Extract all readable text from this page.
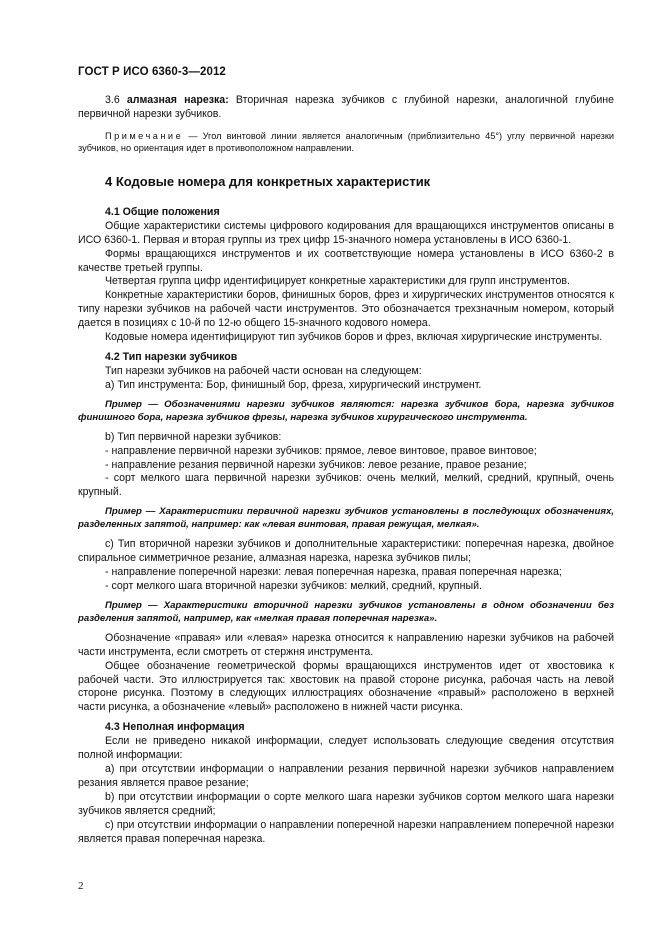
ГОСТ Р ИСО 6360-3—2012

3.6 алмазная нарезка: Вторичная нарезка зубчиков с глубиной нарезки, аналогичной глубине первичной нарезки зубчиков.

Примечание — Угол винтовой линии является аналогичным (приблизительно 45°) углу первичной нарезки зубчиков, но ориентация идет в противоположном направлении.

4 Кодовые номера для конкретных характеристик
4.1 Общие положения

Общие характеристики системы цифрового кодирования для вращающихся инструментов описаны в ИСО 6360-1. Первая и вторая группы из трех цифр 15-значного номера установлены в ИСО 6360-1.

Формы вращающихся инструментов и их соответствующие номера установлены в ИСО 6360-2 в качестве третьей группы.

Четвертая группа цифр идентифицирует конкретные характеристики для групп инструментов.

Конкретные характеристики боров, финишных боров, фрез и хирургических инструментов относятся к типу нарезки зубчиков на рабочей части инструментов. Это обозначается трехзначным номером, который дается в позициях с 10-й по 12-ю общего 15-значного кодового номера.

Кодовые номера идентифицируют тип зубчиков боров и фрез, включая хирургические инструменты.

4.2 Тип нарезки зубчиков

Тип нарезки зубчиков на рабочей части основан на следующем:

а) Тип инструмента: Бор, финишный бор, фреза, хирургический инструмент.

Пример — Обозначениями нарезки зубчиков являются: нарезка зубчиков бора, нарезка зубчиков финишного бора, нарезка зубчиков фрезы, нарезка зубчиков хирургического инструмента.

b) Тип первичной нарезки зубчиков:

- направление первичной нарезки зубчиков: прямое, левое винтовое, правое винтовое;

- направление резания первичной нарезки зубчиков: левое резание, правое резание;

- сорт мелкого шага первичной нарезки зубчиков: очень мелкий, мелкий, средний, крупный, очень крупный.

Пример — Характеристики первичной нарезки зубчиков установлены в последующих обозначениях, разделенных запятой, например: как «левая винтовая, правая режущая, мелкая».

с) Тип вторичной нарезки зубчиков и дополнительные характеристики: поперечная нарезка, двойное спиральное симметричное резание, алмазная нарезка, нарезка зубчиков пилы;

- направление поперечной нарезки: левая поперечная нарезка, правая поперечная нарезка;

- сорт мелкого шага вторичной нарезки зубчиков: мелкий, средний, крупный.

Пример — Характеристики вторичной нарезки зубчиков установлены в одном обозначении без разделения запятой, например, как «мелкая правая поперечная нарезка».

Обозначение «правая» или «левая» нарезка относится к направлению нарезки зубчиков на рабочей части инструмента, если смотреть от стержня инструмента.

Общее обозначение геометрической формы вращающихся инструментов идет от хвостовика к рабочей части. Это иллюстрируется так: хвостовик на правой стороне рисунка, рабочая часть на левой стороне рисунка. Поэтому в следующих иллюстрациях обозначение «правый» расположено в верхней части рисунка, а обозначение «левый» расположено в нижней части рисунка.

4.3 Неполная информация

Если не приведено никакой информации, следует использовать следующие сведения отсутствия полной информации:

а) при отсутствии информации о направлении резания первичной нарезки зубчиков направлением резания является правое резание;

b) при отсутствии информации о сорте мелкого шага нарезки зубчиков сортом мелкого шага нарезки зубчиков является средний;

с) при отсутствии информации о направлении поперечной нарезки направлением поперечной нарезки является правая поперечная нарезка.

2
